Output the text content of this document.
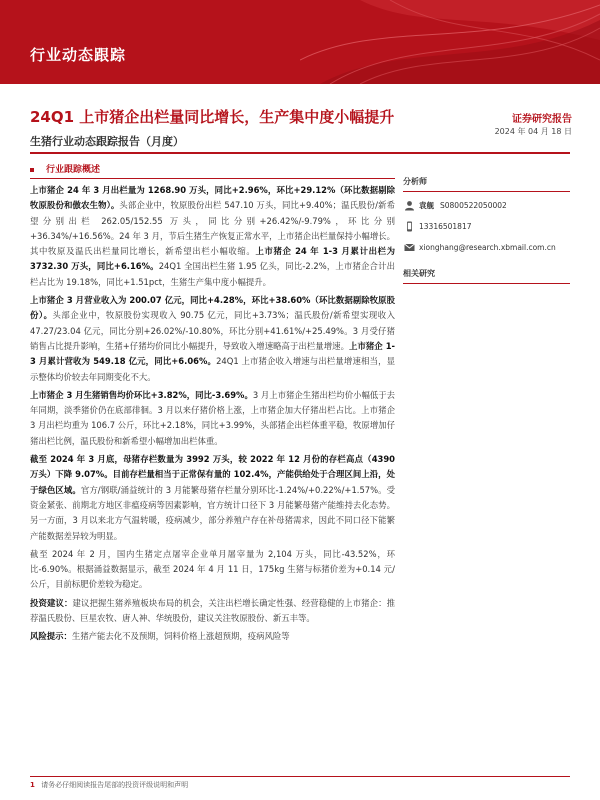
行业动态跟踪
24Q1 上市猪企出栏量同比增长，生产集中度小幅提升	证券研究报告
2024 年 04 月 18 日
生猪行业动态跟踪报告（月度）
行业跟踪概述

上市猪企 24 年 3 月出栏量为 1268.90 万头，同比+2.96%，环比+29.12%（环比数据剔除牧原股份和傲农生物）。头部企业中，牧原股份出栏 547.10 万头，同比+9.40%；温氏股份/新希望分别出栏 262.05/152.55 万头，同比分别+26.42%/-9.79%，环比分别+36.34%/+16.56%。24 年 3 月，节后生猪生产恢复正常水平，上市猪企出栏量保持小幅增长。其中牧原及温氏出栏量同比增长，新希望出栏小幅收缩。上市猪企 24 年 1-3 月累计出栏为 3732.30 万头，同比+6.16%。24Q1 全国出栏生猪 1.95 亿头，同比-2.2%，上市猪企合计出栏占比为 19.18%，同比+1.51pct，生猪生产集中度小幅提升。

上市猪企 3 月营业收入为 200.07 亿元，同比+4.28%，环比+38.60%（环比数据剔除牧原股份）。头部企业中，牧原股份实现收入 90.75 亿元，同比+3.73%；温氏股份/新希望实现收入 47.27/23.04 亿元，同比分别+26.02%/-10.80%，环比分别+41.61%/+25.49%。3 月受仔猪销售占比提升影响，生猪+仔猪均价同比小幅提升，导致收入增速略高于出栏量增速。上市猪企 1-3 月累计营收为 549.18 亿元，同比+6.06%。24Q1 上市猪企收入增速与出栏量增速相当，显示整体均价较去年同期变化不大。

上市猪企 3 月生猪销售均价环比+3.82%，同比-3.69%。3 月上市猪企生猪出栏均价小幅低于去年同期，淡季猪价仍在底部徘徊。3 月以来仔猪价格上涨，上市猪企加大仔猪出栏占比。上市猪企 3 月出栏均重为 106.7 公斤，环比+2.18%，同比+3.99%，头部猪企出栏体重平稳，牧原增加仔猪出栏比例，温氏股份和新希望小幅增加出栏体重。

截至 2024 年 3 月底，母猪存栏数量为 3992 万头，较 2022 年 12 月份的存栏高点（4390 万头）下降 9.07%。目前存栏量相当于正常保有量的 102.4%，产能供给处于合理区间上沿，处于绿色区域。官方/钢联/涌益统计的 3 月能繁母猪存栏量分别环比-1.24%/+0.22%/+1.57%。受资金紧张、前期北方地区非瘟疫病等因素影响，官方统计口径下 3 月能繁母猪产能维持去化态势。另一方面，3 月以来北方气温转暖，疫病减少，部分养殖户存在补母猪需求，因此不同口径下能繁产能数据差异较为明显。

截至 2024 年 2 月，国内生猪定点屠宰企业单月屠宰量为 2,104 万头，同比-43.52%，环比-6.90%。根据涌益数据显示，截至 2024 年 4 月 11 日，175kg 生猪与标猪价差为+0.14 元/公斤，目前标肥价差较为稳定。

投资建议：建议把握生猪养殖板块布局的机会，关注出栏增长确定性强、经营稳健的上市猪企：推荐温氏股份、巨星农牧、唐人神、华统股份，建议关注牧原股份、新五丰等。

风险提示：生猪产能去化不及预期，饲料价格上涨超预期，疫病风险等

分析师
袁舰 S0800522050002
13316501817
xionghang@research.xbmail.com.cn
相关研究
1 请务必仔细阅读报告尾部的投资评级说明和声明
